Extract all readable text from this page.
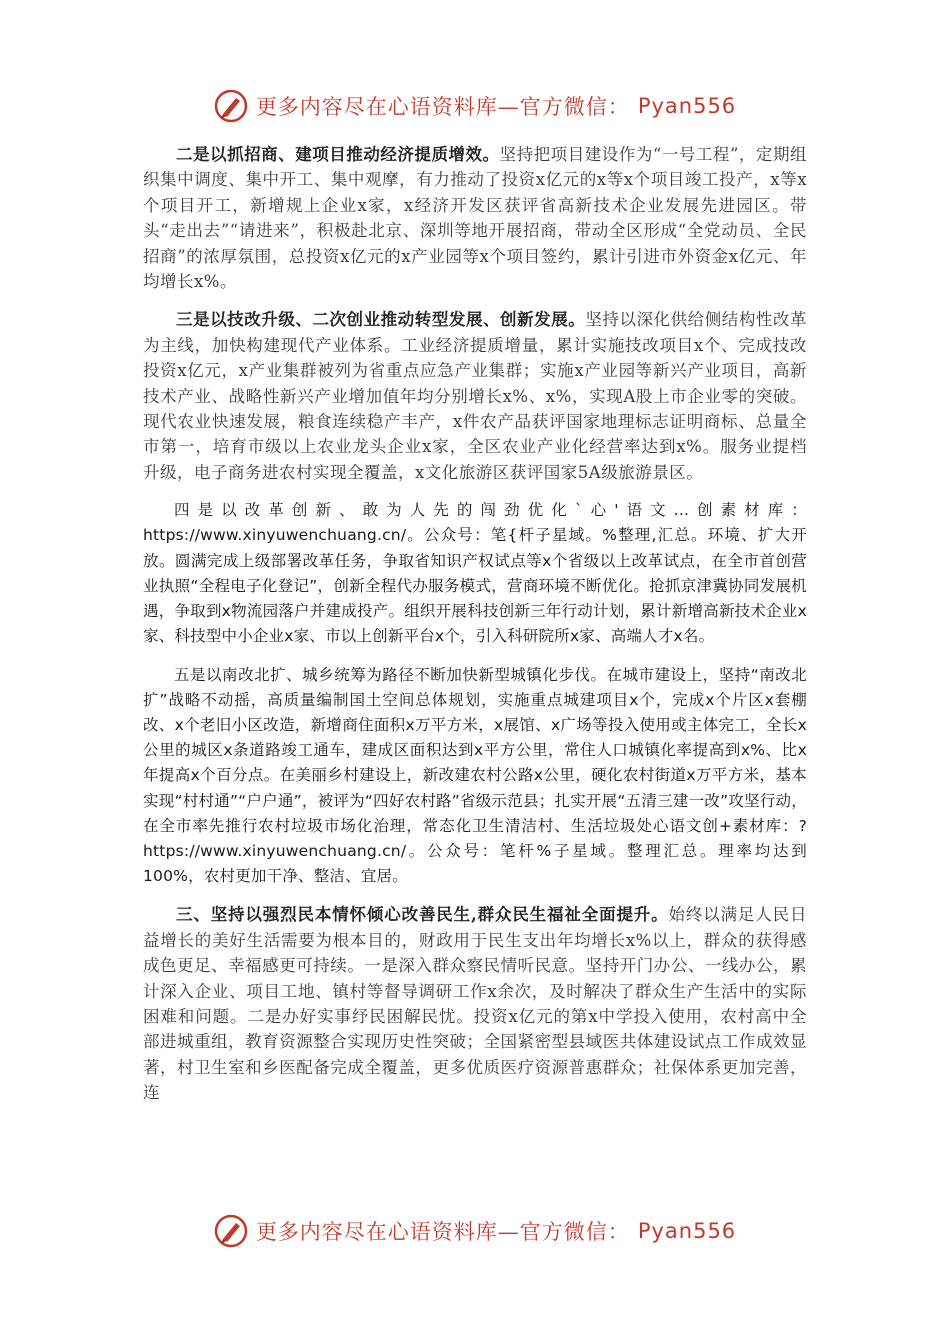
更多内容尽在心语资料库—官方微信： Pyan556

二是以抓招商、建项目推动经济提质增效。坚持把项目建设作为“一号工程”，定期组织集中调度、集中开工、集中观摩，有力推动了投资x亿元的x等x个项目竣工投产，x等x个项目开工，新增规上企业x家，x经济开发区获评省高新技术企业发展先进园区。带头“走出去”“请进来”，积极赴北京、深圳等地开展招商，带动全区形成“全党动员、全民招商”的浓厚氛围，总投资x亿元的x产业园等x个项目签约，累计引进市外资金x亿元、年均增长x%。

三是以技改升级、二次创业推动转型发展、创新发展。坚持以深化供给侧结构性改革为主线，加快构建现代产业体系。工业经济提质增量，累计实施技改项目x个、完成技改投资x亿元，x产业集群被列为省重点应急产业集群；实施x产业园等新兴产业项目，高新技术产业、战略性新兴产业增加值年均分别增长x%、x%，实现A股上市企业零的突破。现代农业快速发展，粮食连续稳产丰产，x件农产品获评国家地理标志证明商标、总量全市第一，培育市级以上农业龙头企业x家，全区农业产业化经营率达到x%。服务业提档升级，电子商务进农村实现全覆盖，x文化旅游区获评国家5A级旅游景区。

四是以改革创新、敢为人先的闯劲优化`心'语文...创素材库：https://www.xinyuwenchuang.cn/。公众号：笔{杆子星域。%整理,汇总。环境、扩大开放。圆满完成上级部署改革任务，争取省知识产权试点等x个省级以上改革试点，在全市首创营业执照“全程电子化登记”，创新全程代办服务模式，营商环境不断优化。抢抓京津冀协同发展机遇，争取到x物流园落户并建成投产。组织开展科技创新三年行动计划，累计新增高新技术企业x家、科技型中小企业x家、市以上创新平台x个，引入科研院所x家、高端人才x名。

五是以南改北扩、城乡统筹为路径不断加快新型城镇化步伐。在城市建设上，坚持“南改北扩”战略不动摇，高质量编制国土空间总体规划，实施重点城建项目x个，完成x个片区x套棚改、x个老旧小区改造，新增商住面积x万平方米，x展馆、x广场等投入使用或主体完工，全长x公里的城区x条道路竣工通车，建成区面积达到x平方公里，常住人口城镇化率提高到x%、比x年提高x个百分点。在美丽乡村建设上，新改建农村公路x公里，硬化农村街道x万平方米，基本实现“村村通”“户户通”，被评为“四好农村路”省级示范县；扎实开展“五清三建一改”攻坚行动，在全市率先推行农村垃圾市场化治理，常态化卫生清洁村、生活垃圾处心语文创+素材库：?https://www.xinyuwenchuang.cn/。公众号：笔杆%子星域。整理汇总。理率均达到100%，农村更加干净、整洁、宜居。

三、坚持以强烈民本情怀倾心改善民生,群众民生福祉全面提升。始终以满足人民日益增长的美好生活需要为根本目的，财政用于民生支出年均增长x%以上，群众的获得感成色更足、幸福感更可持续。一是深入群众察民情听民意。坚持开门办公、一线办公，累计深入企业、项目工地、镇村等督导调研工作x余次，及时解决了群众生产生活中的实际困难和问题。二是办好实事纾民困解民忧。投资x亿元的第x中学投入使用，农村高中全部进城重组，教育资源整合实现历史性突破；全国紧密型县域医共体建设试点工作成效显著，村卫生室和乡医配备完成全覆盖，更多优质医疗资源普惠群众；社保体系更加完善，连

更多内容尽在心语资料库—官方微信： Pyan556
